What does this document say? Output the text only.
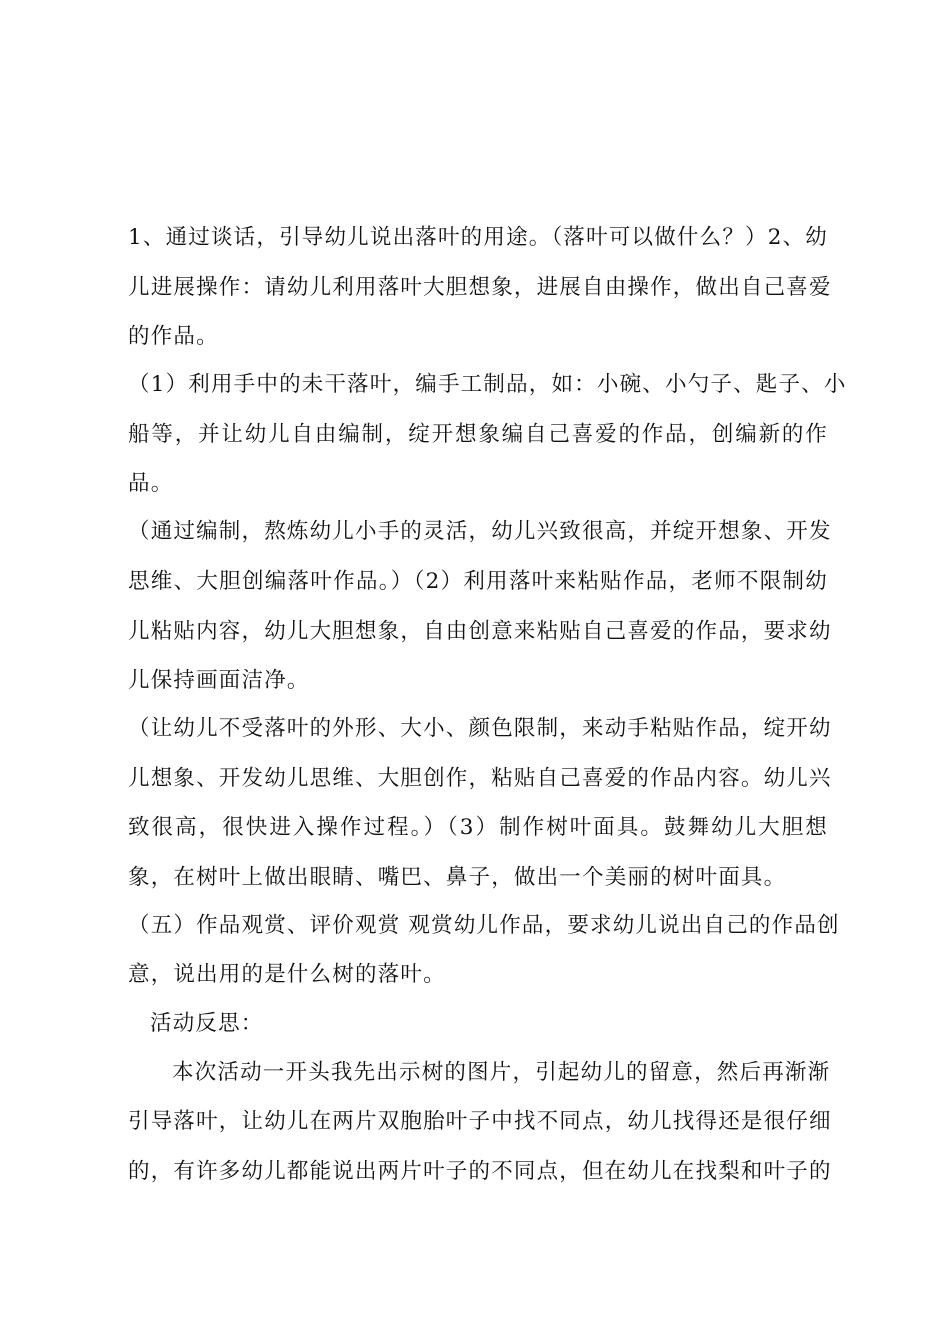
1、通过谈话，引导幼儿说出落叶的用途。（落叶可以做什么？）2、幼
儿进展操作：请幼儿利用落叶大胆想象，进展自由操作，做出自己喜爱
的作品。
（1）利用手中的未干落叶，编手工制品，如：小碗、小勺子、匙子、小
船等，并让幼儿自由编制，绽开想象编自己喜爱的作品，创编新的作
品。
（通过编制，熬炼幼儿小手的灵活，幼儿兴致很高，并绽开想象、开发
思维、大胆创编落叶作品。）（2）利用落叶来粘贴作品，老师不限制幼
儿粘贴内容，幼儿大胆想象，自由创意来粘贴自己喜爱的作品，要求幼
儿保持画面洁净。
（让幼儿不受落叶的外形、大小、颜色限制，来动手粘贴作品，绽开幼
儿想象、开发幼儿思维、大胆创作，粘贴自己喜爱的作品内容。幼儿兴
致很高，很快进入操作过程。）（3）制作树叶面具。鼓舞幼儿大胆想
象，在树叶上做出眼睛、嘴巴、鼻子，做出一个美丽的树叶面具。
（五）作品观赏、评价观赏 观赏幼儿作品，要求幼儿说出自己的作品创
意，说出用的是什么树的落叶。
活动反思：
本次活动一开头我先出示树的图片，引起幼儿的留意，然后再渐渐
引导落叶，让幼儿在两片双胞胎叶子中找不同点，幼儿找得还是很仔细
的，有许多幼儿都能说出两片叶子的不同点，但在幼儿在找梨和叶子的
